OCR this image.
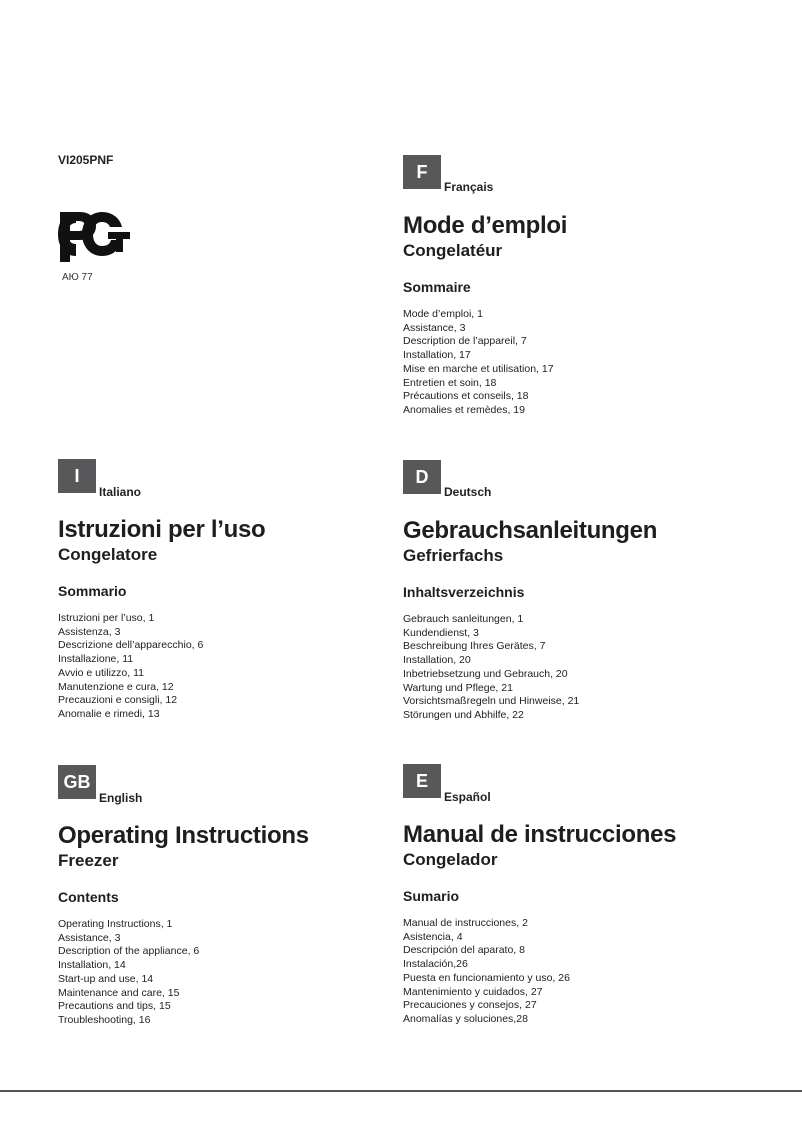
VI205PNF
АЮ 77
F
Français
Mode d’emploi
Congelatéur
Sommaire
Mode d’emploi, 1
Assistance, 3
Description de l’appareil, 7
Installation, 17
Mise en marche et utilisation, 17
Entretien et soin, 18
Précautions et conseils, 18
Anomalies et remèdes, 19
I
Italiano
Istruzioni per l’uso
Congelatore
Sommario
Istruzioni per l’uso, 1
Assistenza, 3
Descrizione dell’apparecchio, 6
Installazione, 11
Avvio e utilizzo, 11
Manutenzione e cura, 12
Precauzioni e consigli, 12
Anomalie e rimedi, 13
D
Deutsch
Gebrauchsanleitungen
Gefrierfachs
Inhaltsverzeichnis
Gebrauch sanleitungen, 1
Kundendienst, 3
Beschreibung Ihres Gerätes, 7
Installation, 20
Inbetriebsetzung und Gebrauch, 20
Wartung und Pflege, 21
Vorsichtsmaßregeln und Hinweise, 21
Störungen und Abhilfe, 22
GB
English
Operating Instructions
Freezer
Contents
Operating Instructions, 1
Assistance, 3
Description of the appliance, 6
Installation, 14
Start-up and use, 14
Maintenance and care, 15
Precautions and tips, 15
Troubleshooting, 16
E
Español
Manual de instrucciones
Congelador
Sumario
Manual de instrucciones, 2
Asistencia, 4
Descripción del aparato, 8
Instalación,26
Puesta en funcionamiento y uso, 26
Mantenimiento y cuidados, 27
Precauciones y consejos, 27
Anomalías y soluciones,28
